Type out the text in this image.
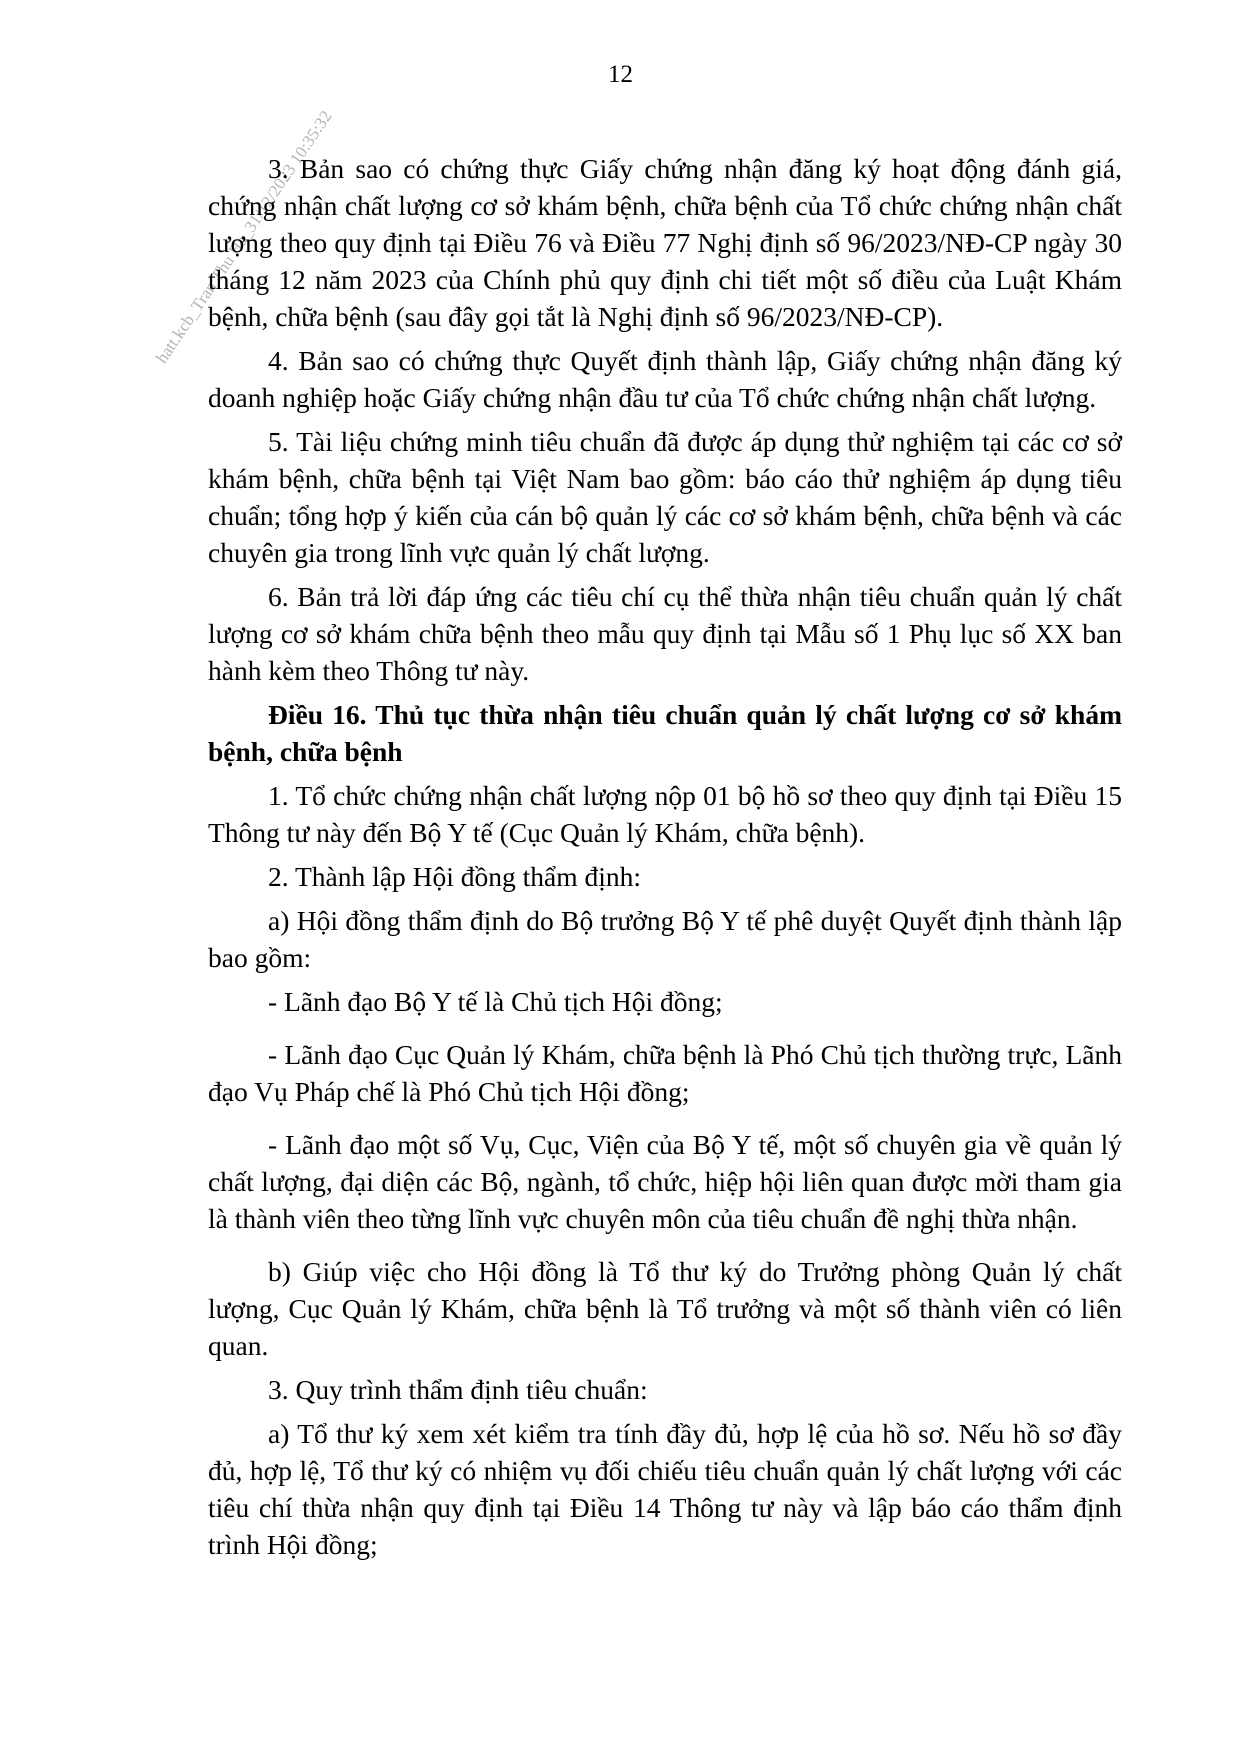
12
hatt.kcb_Tran Thu Ha_31/12/2023 10:35:32

3. Bản sao có chứng thực Giấy chứng nhận đăng ký hoạt động đánh giá, chứng nhận chất lượng cơ sở khám bệnh, chữa bệnh của Tổ chức chứng nhận chất lượng theo quy định tại Điều 76 và Điều 77 Nghị định số 96/2023/NĐ-CP ngày 30 tháng 12 năm 2023 của Chính phủ quy định chi tiết một số điều của Luật Khám bệnh, chữa bệnh (sau đây gọi tắt là Nghị định số 96/2023/NĐ-CP).

4. Bản sao có chứng thực Quyết định thành lập, Giấy chứng nhận đăng ký doanh nghiệp hoặc Giấy chứng nhận đầu tư của Tổ chức chứng nhận chất lượng.

5. Tài liệu chứng minh tiêu chuẩn đã được áp dụng thử nghiệm tại các cơ sở khám bệnh, chữa bệnh tại Việt Nam bao gồm: báo cáo thử nghiệm áp dụng tiêu chuẩn; tổng hợp ý kiến của cán bộ quản lý các cơ sở khám bệnh, chữa bệnh và các chuyên gia trong lĩnh vực quản lý chất lượng.

6. Bản trả lời đáp ứng các tiêu chí cụ thể thừa nhận tiêu chuẩn quản lý chất lượng cơ sở khám chữa bệnh theo mẫu quy định tại Mẫu số 1 Phụ lục số XX ban hành kèm theo Thông tư này.

Điều 16. Thủ tục thừa nhận tiêu chuẩn quản lý chất lượng cơ sở khám bệnh, chữa bệnh

1. Tổ chức chứng nhận chất lượng nộp 01 bộ hồ sơ theo quy định tại Điều 15 Thông tư này đến Bộ Y tế (Cục Quản lý Khám, chữa bệnh).

2. Thành lập Hội đồng thẩm định:

a) Hội đồng thẩm định do Bộ trưởng Bộ Y tế phê duyệt Quyết định thành lập bao gồm:

- Lãnh đạo Bộ Y tế là Chủ tịch Hội đồng;

- Lãnh đạo Cục Quản lý Khám, chữa bệnh là Phó Chủ tịch thường trực, Lãnh đạo Vụ Pháp chế là Phó Chủ tịch Hội đồng;

- Lãnh đạo một số Vụ, Cục, Viện của Bộ Y tế, một số chuyên gia về quản lý chất lượng, đại diện các Bộ, ngành, tổ chức, hiệp hội liên quan được mời tham gia là thành viên theo từng lĩnh vực chuyên môn của tiêu chuẩn đề nghị thừa nhận.

b) Giúp việc cho Hội đồng là Tổ thư ký do Trưởng phòng Quản lý chất lượng, Cục Quản lý Khám, chữa bệnh là Tổ trưởng và một số thành viên có liên quan.

3. Quy trình thẩm định tiêu chuẩn:

a) Tổ thư ký xem xét kiểm tra tính đầy đủ, hợp lệ của hồ sơ. Nếu hồ sơ đầy đủ, hợp lệ, Tổ thư ký có nhiệm vụ đối chiếu tiêu chuẩn quản lý chất lượng với các tiêu chí thừa nhận quy định tại Điều 14 Thông tư này và lập báo cáo thẩm định trình Hội đồng;
